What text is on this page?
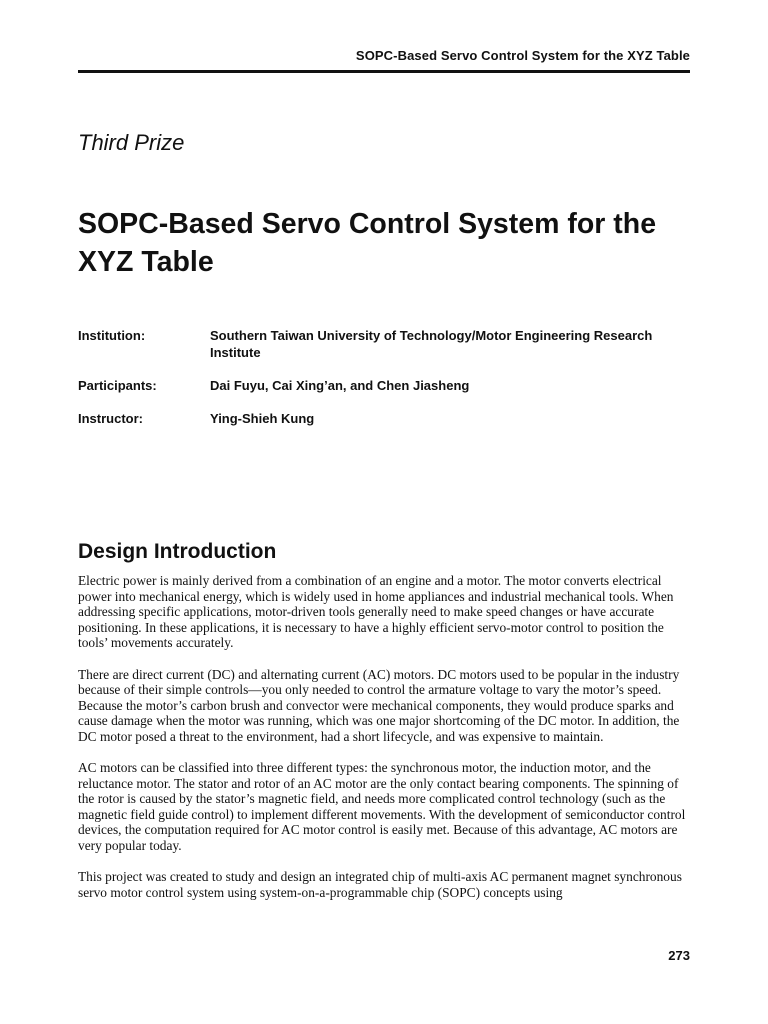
SOPC-Based Servo Control System for the XYZ Table
Third Prize
SOPC-Based Servo Control System for the XYZ Table
Institution:	Southern Taiwan University of Technology/Motor Engineering Research Institute
Participants:	Dai Fuyu, Cai Xing’an, and Chen Jiasheng
Instructor:	Ying-Shieh Kung
Design Introduction

Electric power is mainly derived from a combination of an engine and a motor. The motor converts electrical power into mechanical energy, which is widely used in home appliances and industrial mechanical tools. When addressing specific applications, motor-driven tools generally need to make speed changes or have accurate positioning. In these applications, it is necessary to have a highly efficient servo-motor control to position the tools’ movements accurately.

There are direct current (DC) and alternating current (AC) motors. DC motors used to be popular in the industry because of their simple controls—you only needed to control the armature voltage to vary the motor’s speed. Because the motor’s carbon brush and convector were mechanical components, they would produce sparks and cause damage when the motor was running, which was one major shortcoming of the DC motor. In addition, the DC motor posed a threat to the environment, had a short lifecycle, and was expensive to maintain.

AC motors can be classified into three different types: the synchronous motor, the induction motor, and the reluctance motor. The stator and rotor of an AC motor are the only contact bearing components. The spinning of the rotor is caused by the stator’s magnetic field, and needs more complicated control technology (such as the magnetic field guide control) to implement different movements. With the development of semiconductor control devices, the computation required for AC motor control is easily met. Because of this advantage, AC motors are very popular today.

This project was created to study and design an integrated chip of multi-axis AC permanent magnet synchronous servo motor control system using system-on-a-programmable chip (SOPC) concepts using

273
